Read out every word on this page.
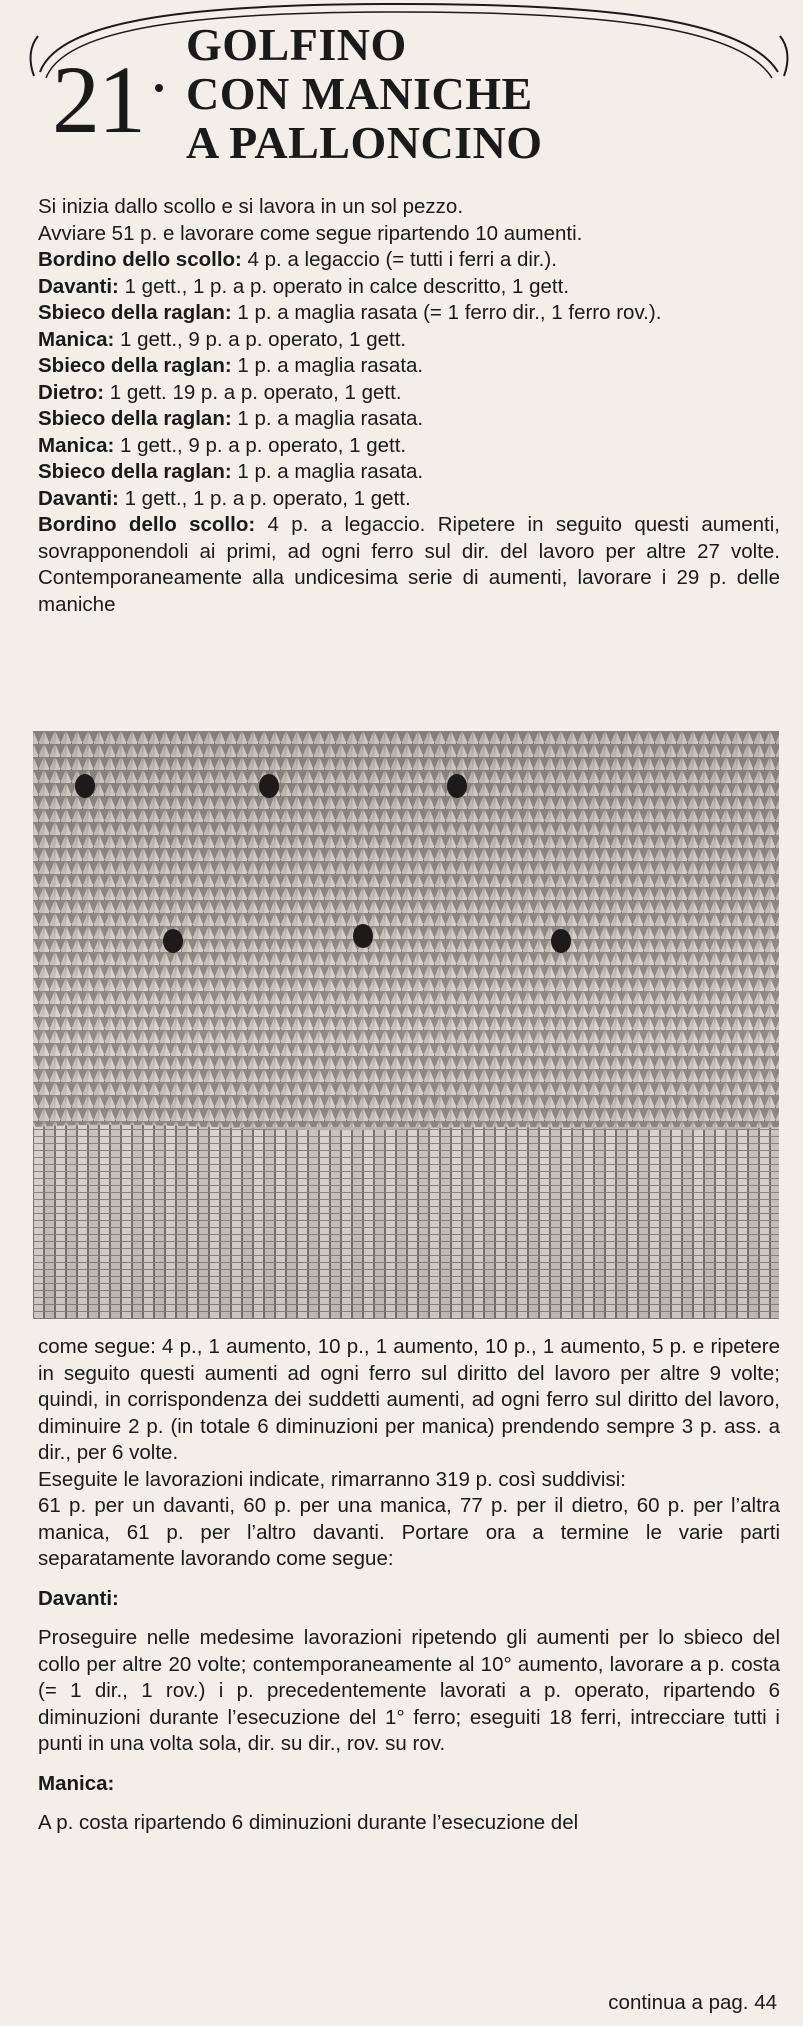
21
GOLFINO
CON MANICHE
A PALLONCINO

Si inizia dallo scollo e si lavora in un sol pezzo.

Avviare 51 p. e lavorare come segue ripartendo 10 aumenti.

Bordino dello scollo: 4 p. a legaccio (= tutti i ferri a dir.).

Davanti: 1 gett., 1 p. a p. operato in calce descritto, 1 gett.

Sbieco della raglan: 1 p. a maglia rasata (= 1 ferro dir., 1 ferro rov.).

Manica: 1 gett., 9 p. a p. operato, 1 gett.

Sbieco della raglan: 1 p. a maglia rasata.

Dietro: 1 gett. 19 p. a p. operato, 1 gett.

Sbieco della raglan: 1 p. a maglia rasata.

Manica: 1 gett., 9 p. a p. operato, 1 gett.

Sbieco della raglan: 1 p. a maglia rasata.

Davanti: 1 gett., 1 p. a p. operato, 1 gett.

Bordino dello scollo: 4 p. a legaccio. Ripetere in seguito questi aumenti, sovrapponendoli ai primi, ad ogni ferro sul dir. del lavoro per altre 27 volte. Contemporaneamente alla undicesima serie di aumenti, lavorare i 29 p. delle maniche

come segue: 4 p., 1 aumento, 10 p., 1 aumento, 10 p., 1 aumento, 5 p. e ripetere in seguito questi aumenti ad ogni ferro sul diritto del lavoro per altre 9 volte; quindi, in corrispondenza dei suddetti aumenti, ad ogni ferro sul diritto del lavoro, diminuire 2 p. (in totale 6 diminuzioni per manica) prendendo sempre 3 p. ass. a dir., per 6 volte.

Eseguite le lavorazioni indicate, rimarranno 319 p. così suddivisi:

61 p. per un davanti, 60 p. per una manica, 77 p. per il dietro, 60 p. per l’altra manica, 61 p. per l’altro davanti. Portare ora a termine le varie parti separatamente lavorando come segue:

Davanti:

Proseguire nelle medesime lavorazioni ripetendo gli aumenti per lo sbieco del collo per altre 20 volte; contemporaneamente al 10° aumento, lavorare a p. costa (= 1 dir., 1 rov.) i p. precedentemente lavorati a p. operato, ripartendo 6 diminuzioni durante l’esecuzione del 1° ferro; eseguiti 18 ferri, intrecciare tutti i punti in una volta sola, dir. su dir., rov. su rov.

Manica:

A p. costa ripartendo 6 diminuzioni durante l’esecuzione del

continua a pag. 44
